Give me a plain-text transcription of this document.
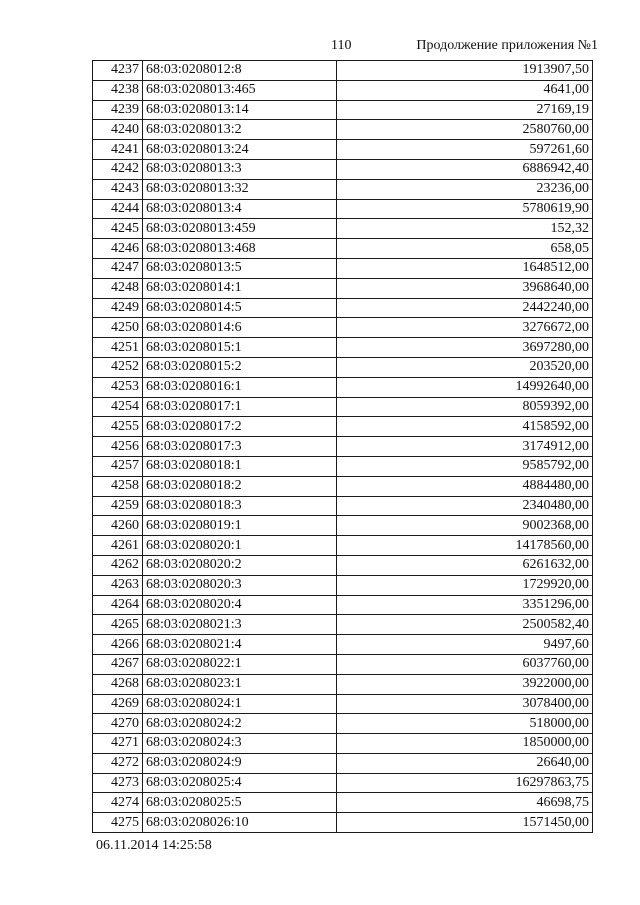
110	Продолжение приложения №1
4237	68:03:0208012:8	1913907,50
4238	68:03:0208013:465	4641,00
4239	68:03:0208013:14	27169,19
4240	68:03:0208013:2	2580760,00
4241	68:03:0208013:24	597261,60
4242	68:03:0208013:3	6886942,40
4243	68:03:0208013:32	23236,00
4244	68:03:0208013:4	5780619,90
4245	68:03:0208013:459	152,32
4246	68:03:0208013:468	658,05
4247	68:03:0208013:5	1648512,00
4248	68:03:0208014:1	3968640,00
4249	68:03:0208014:5	2442240,00
4250	68:03:0208014:6	3276672,00
4251	68:03:0208015:1	3697280,00
4252	68:03:0208015:2	203520,00
4253	68:03:0208016:1	14992640,00
4254	68:03:0208017:1	8059392,00
4255	68:03:0208017:2	4158592,00
4256	68:03:0208017:3	3174912,00
4257	68:03:0208018:1	9585792,00
4258	68:03:0208018:2	4884480,00
4259	68:03:0208018:3	2340480,00
4260	68:03:0208019:1	9002368,00
4261	68:03:0208020:1	14178560,00
4262	68:03:0208020:2	6261632,00
4263	68:03:0208020:3	1729920,00
4264	68:03:0208020:4	3351296,00
4265	68:03:0208021:3	2500582,40
4266	68:03:0208021:4	9497,60
4267	68:03:0208022:1	6037760,00
4268	68:03:0208023:1	3922000,00
4269	68:03:0208024:1	3078400,00
4270	68:03:0208024:2	518000,00
4271	68:03:0208024:3	1850000,00
4272	68:03:0208024:9	26640,00
4273	68:03:0208025:4	16297863,75
4274	68:03:0208025:5	46698,75
4275	68:03:0208026:10	1571450,00
06.11.2014 14:25:58
